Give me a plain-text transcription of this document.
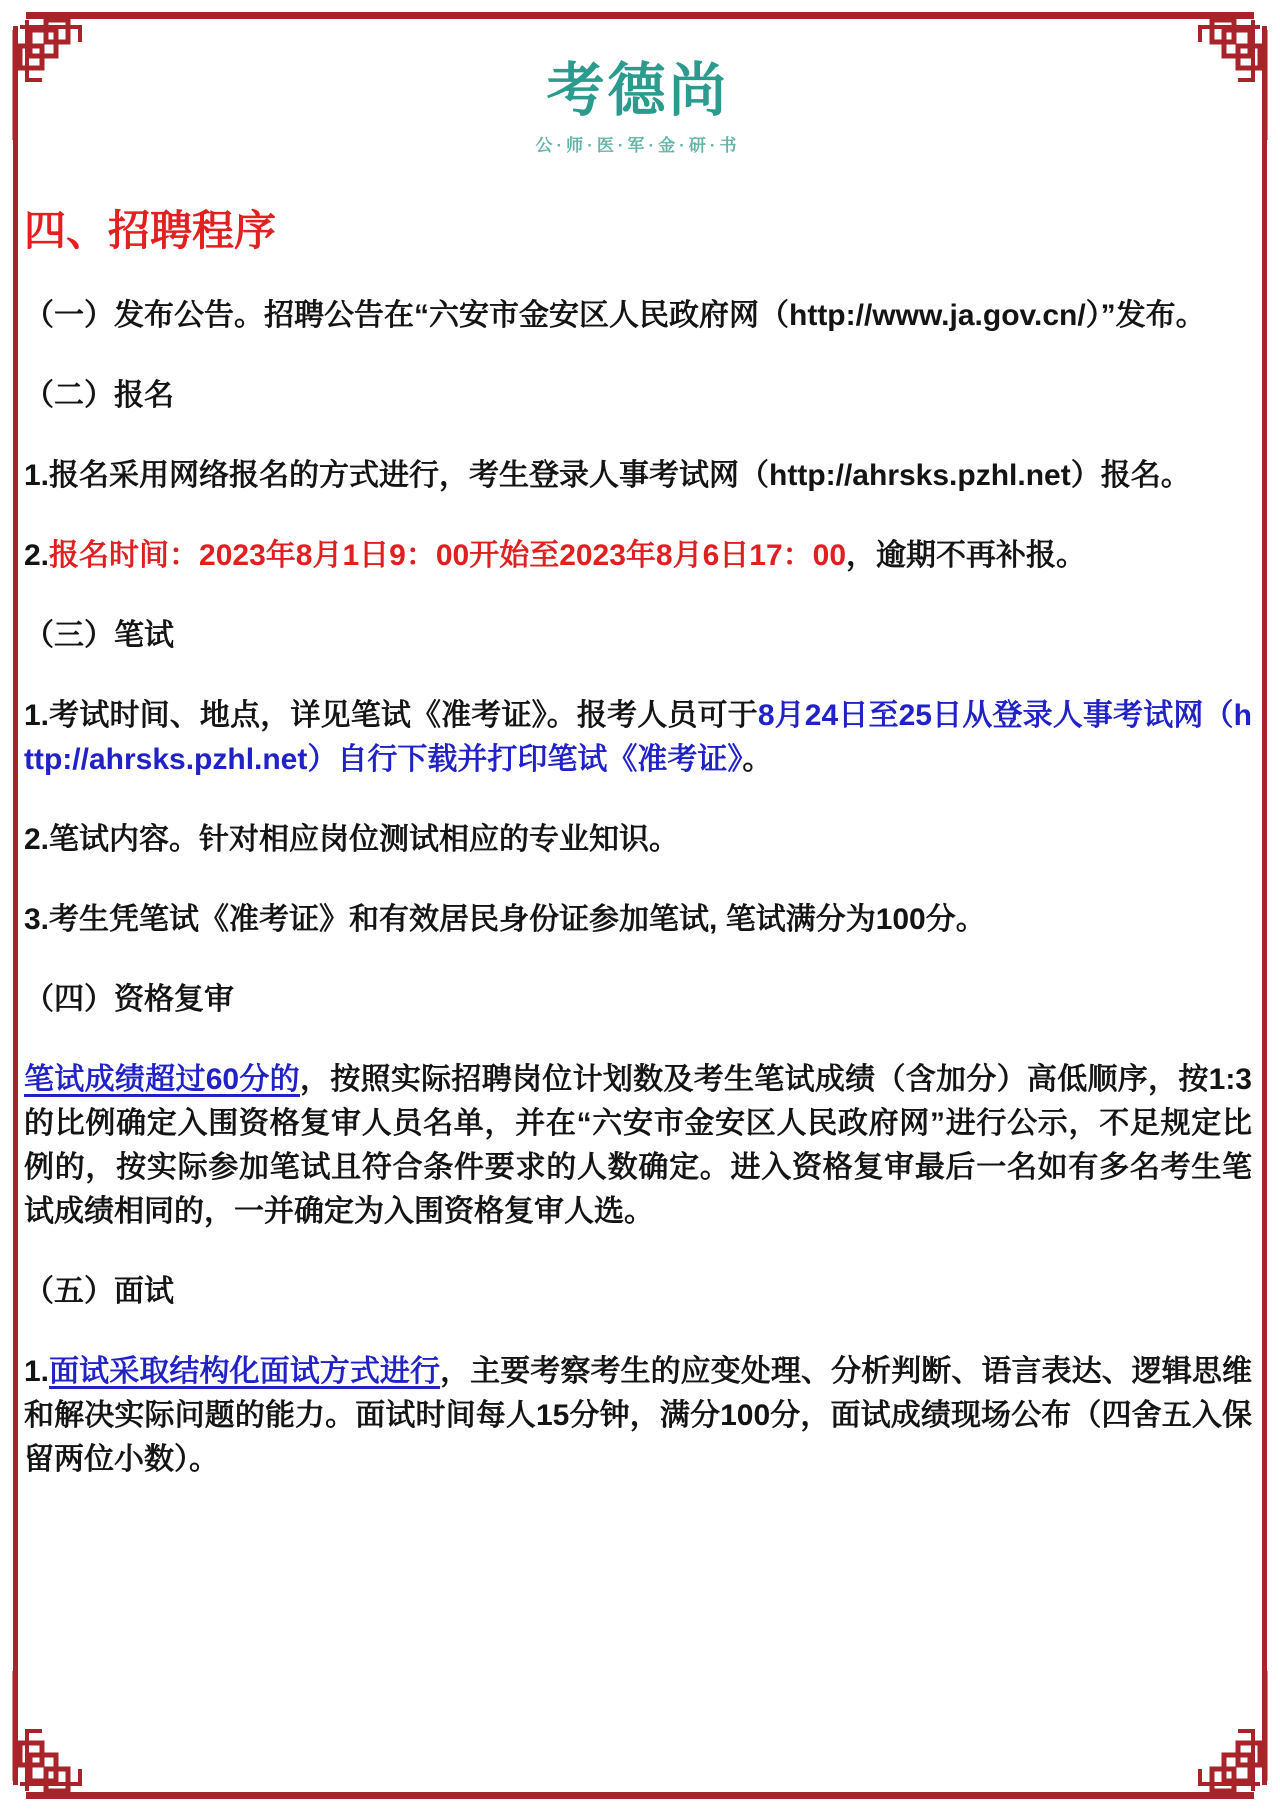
考德尚
公·师·医·军·金·研·书
四、招聘程序

（一）发布公告。招聘公告在“六安市金安区人民政府网（http://www.ja.gov.cn/）”发布。

（二）报名

1.报名采用网络报名的方式进行，考生登录人事考试网（http://ahrsks.pzhl.net）报名。

2.报名时间：2023年8月1日9：00开始至2023年8月6日17：00，逾期不再补报。

（三）笔试

1.考试时间、地点，详见笔试《准考证》。报考人员可于8月24日至25日从登录人事考试网（http://ahrsks.pzhl.net）自行下载并打印笔试《准考证》。

2.笔试内容。针对相应岗位测试相应的专业知识。

3.考生凭笔试《准考证》和有效居民身份证参加笔试, 笔试满分为100分。

（四）资格复审

笔试成绩超过60分的，按照实际招聘岗位计划数及考生笔试成绩（含加分）高低顺序，按1:3的比例确定入围资格复审人员名单，并在“六安市金安区人民政府网”进行公示，不足规定比例的，按实际参加笔试且符合条件要求的人数确定。进入资格复审最后一名如有多名考生笔试成绩相同的，一并确定为入围资格复审人选。

（五）面试

1.面试采取结构化面试方式进行，主要考察考生的应变处理、分析判断、语言表达、逻辑思维和解决实际问题的能力。面试时间每人15分钟，满分100分，面试成绩现场公布（四舍五入保留两位小数）。
